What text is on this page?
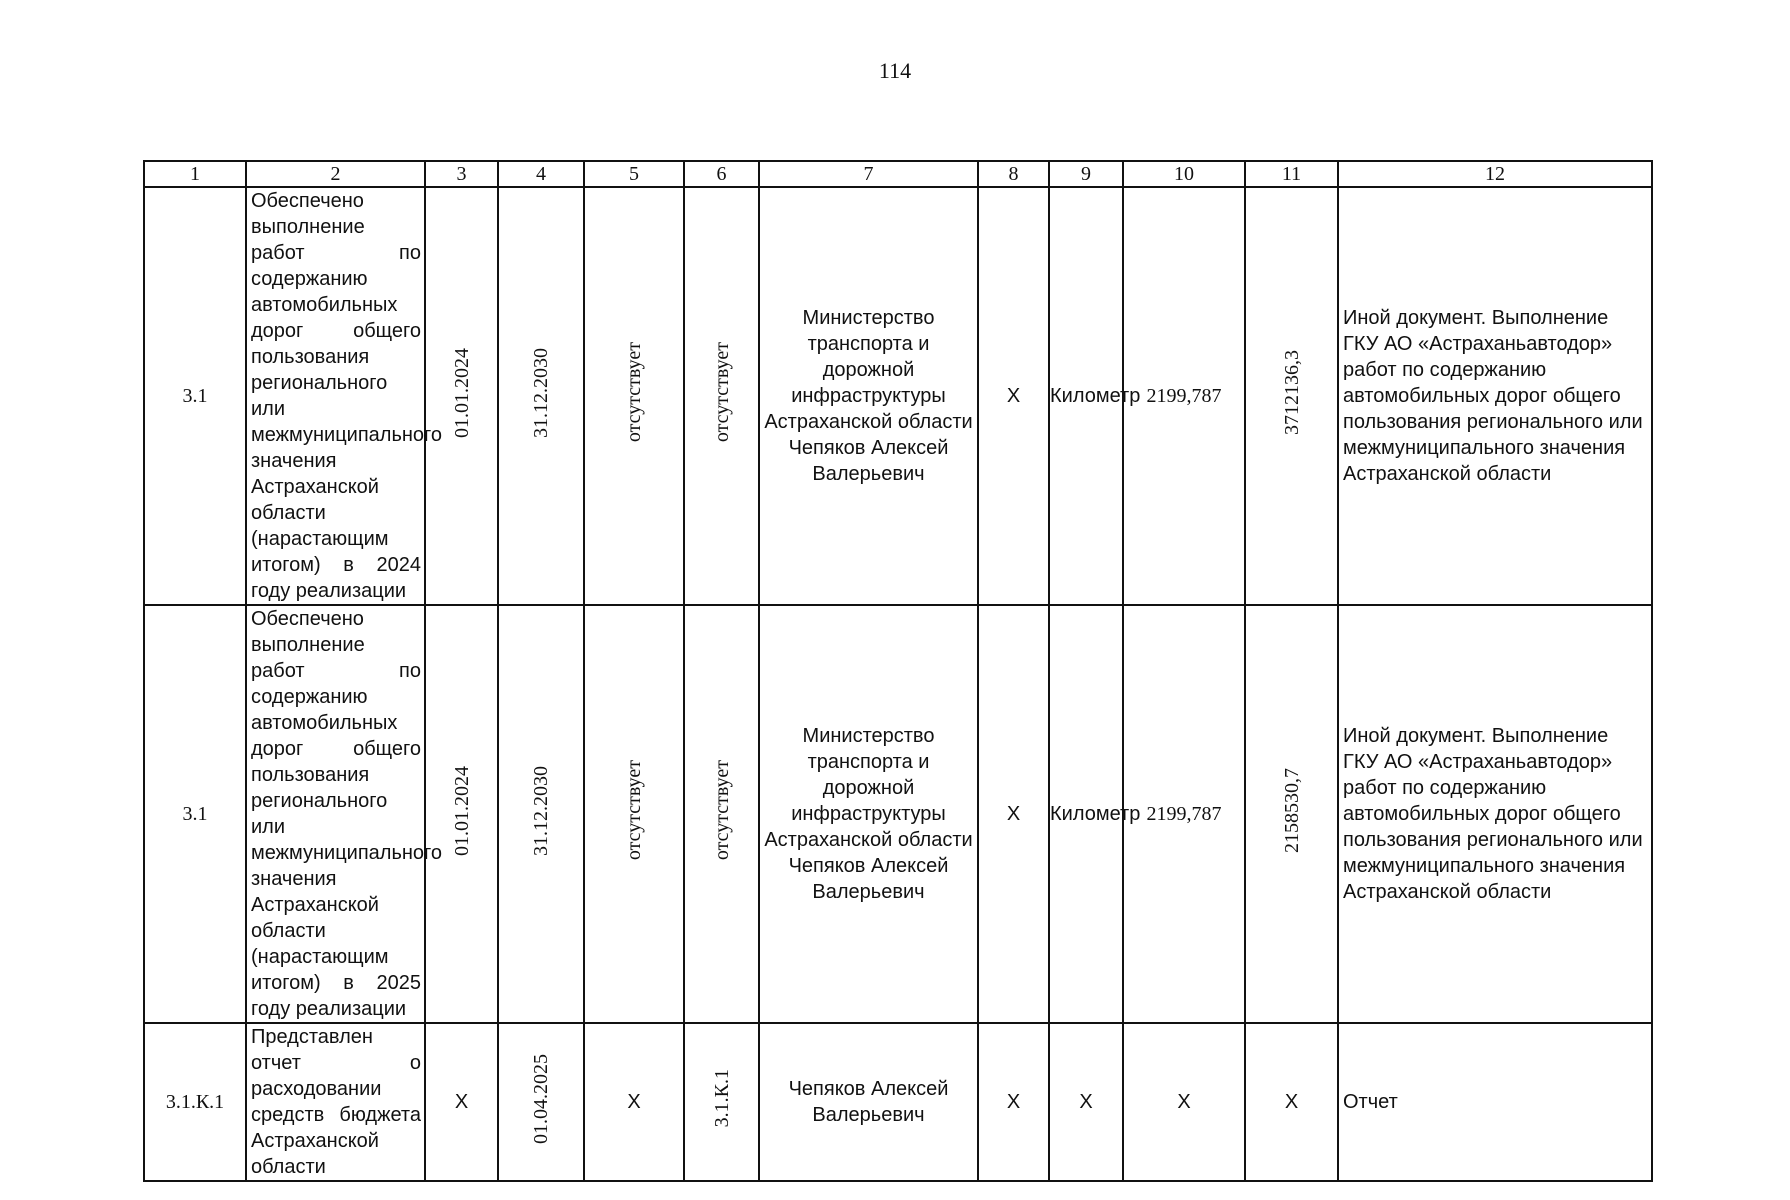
114
1	2	3	4	5	6	7	8	9	10	11	12
3.1	Обеспечено выполнение работ по содержанию автомобильных дорог общего пользования регионального или межмуниципального значения Астраханской области (нарастающим итогом) в 2024 году реализации	01.01.2024	31.12.2030	отсутствует	отсутствует	Министерство транспорта и дорожной инфраструктуры Астраханской области Чепяков Алексей Валерьевич	X	Километр	2199,787	3712136,3	Иной документ. Выполнение ГКУ АО «Астраханьавтодор» работ по содержанию автомобильных дорог общего пользования регионального или межмуниципального значения Астраханской области
3.1	Обеспечено выполнение работ по содержанию автомобильных дорог общего пользования регионального или межмуниципального значения Астраханской области (нарастающим итогом) в 2025 году реализации	01.01.2024	31.12.2030	отсутствует	отсутствует	Министерство транспорта и дорожной инфраструктуры Астраханской области Чепяков Алексей Валерьевич	X	Километр	2199,787	2158530,7	Иной документ. Выполнение ГКУ АО «Астраханьавтодор» работ по содержанию автомобильных дорог общего пользования регионального или межмуниципального значения Астраханской области
3.1.К.1	Представлен отчет о расходовании средств бюджета Астраханской области	X	01.04.2025	X	3.1.К.1	Чепяков Алексей Валерьевич	X	X	X	X	Отчет
